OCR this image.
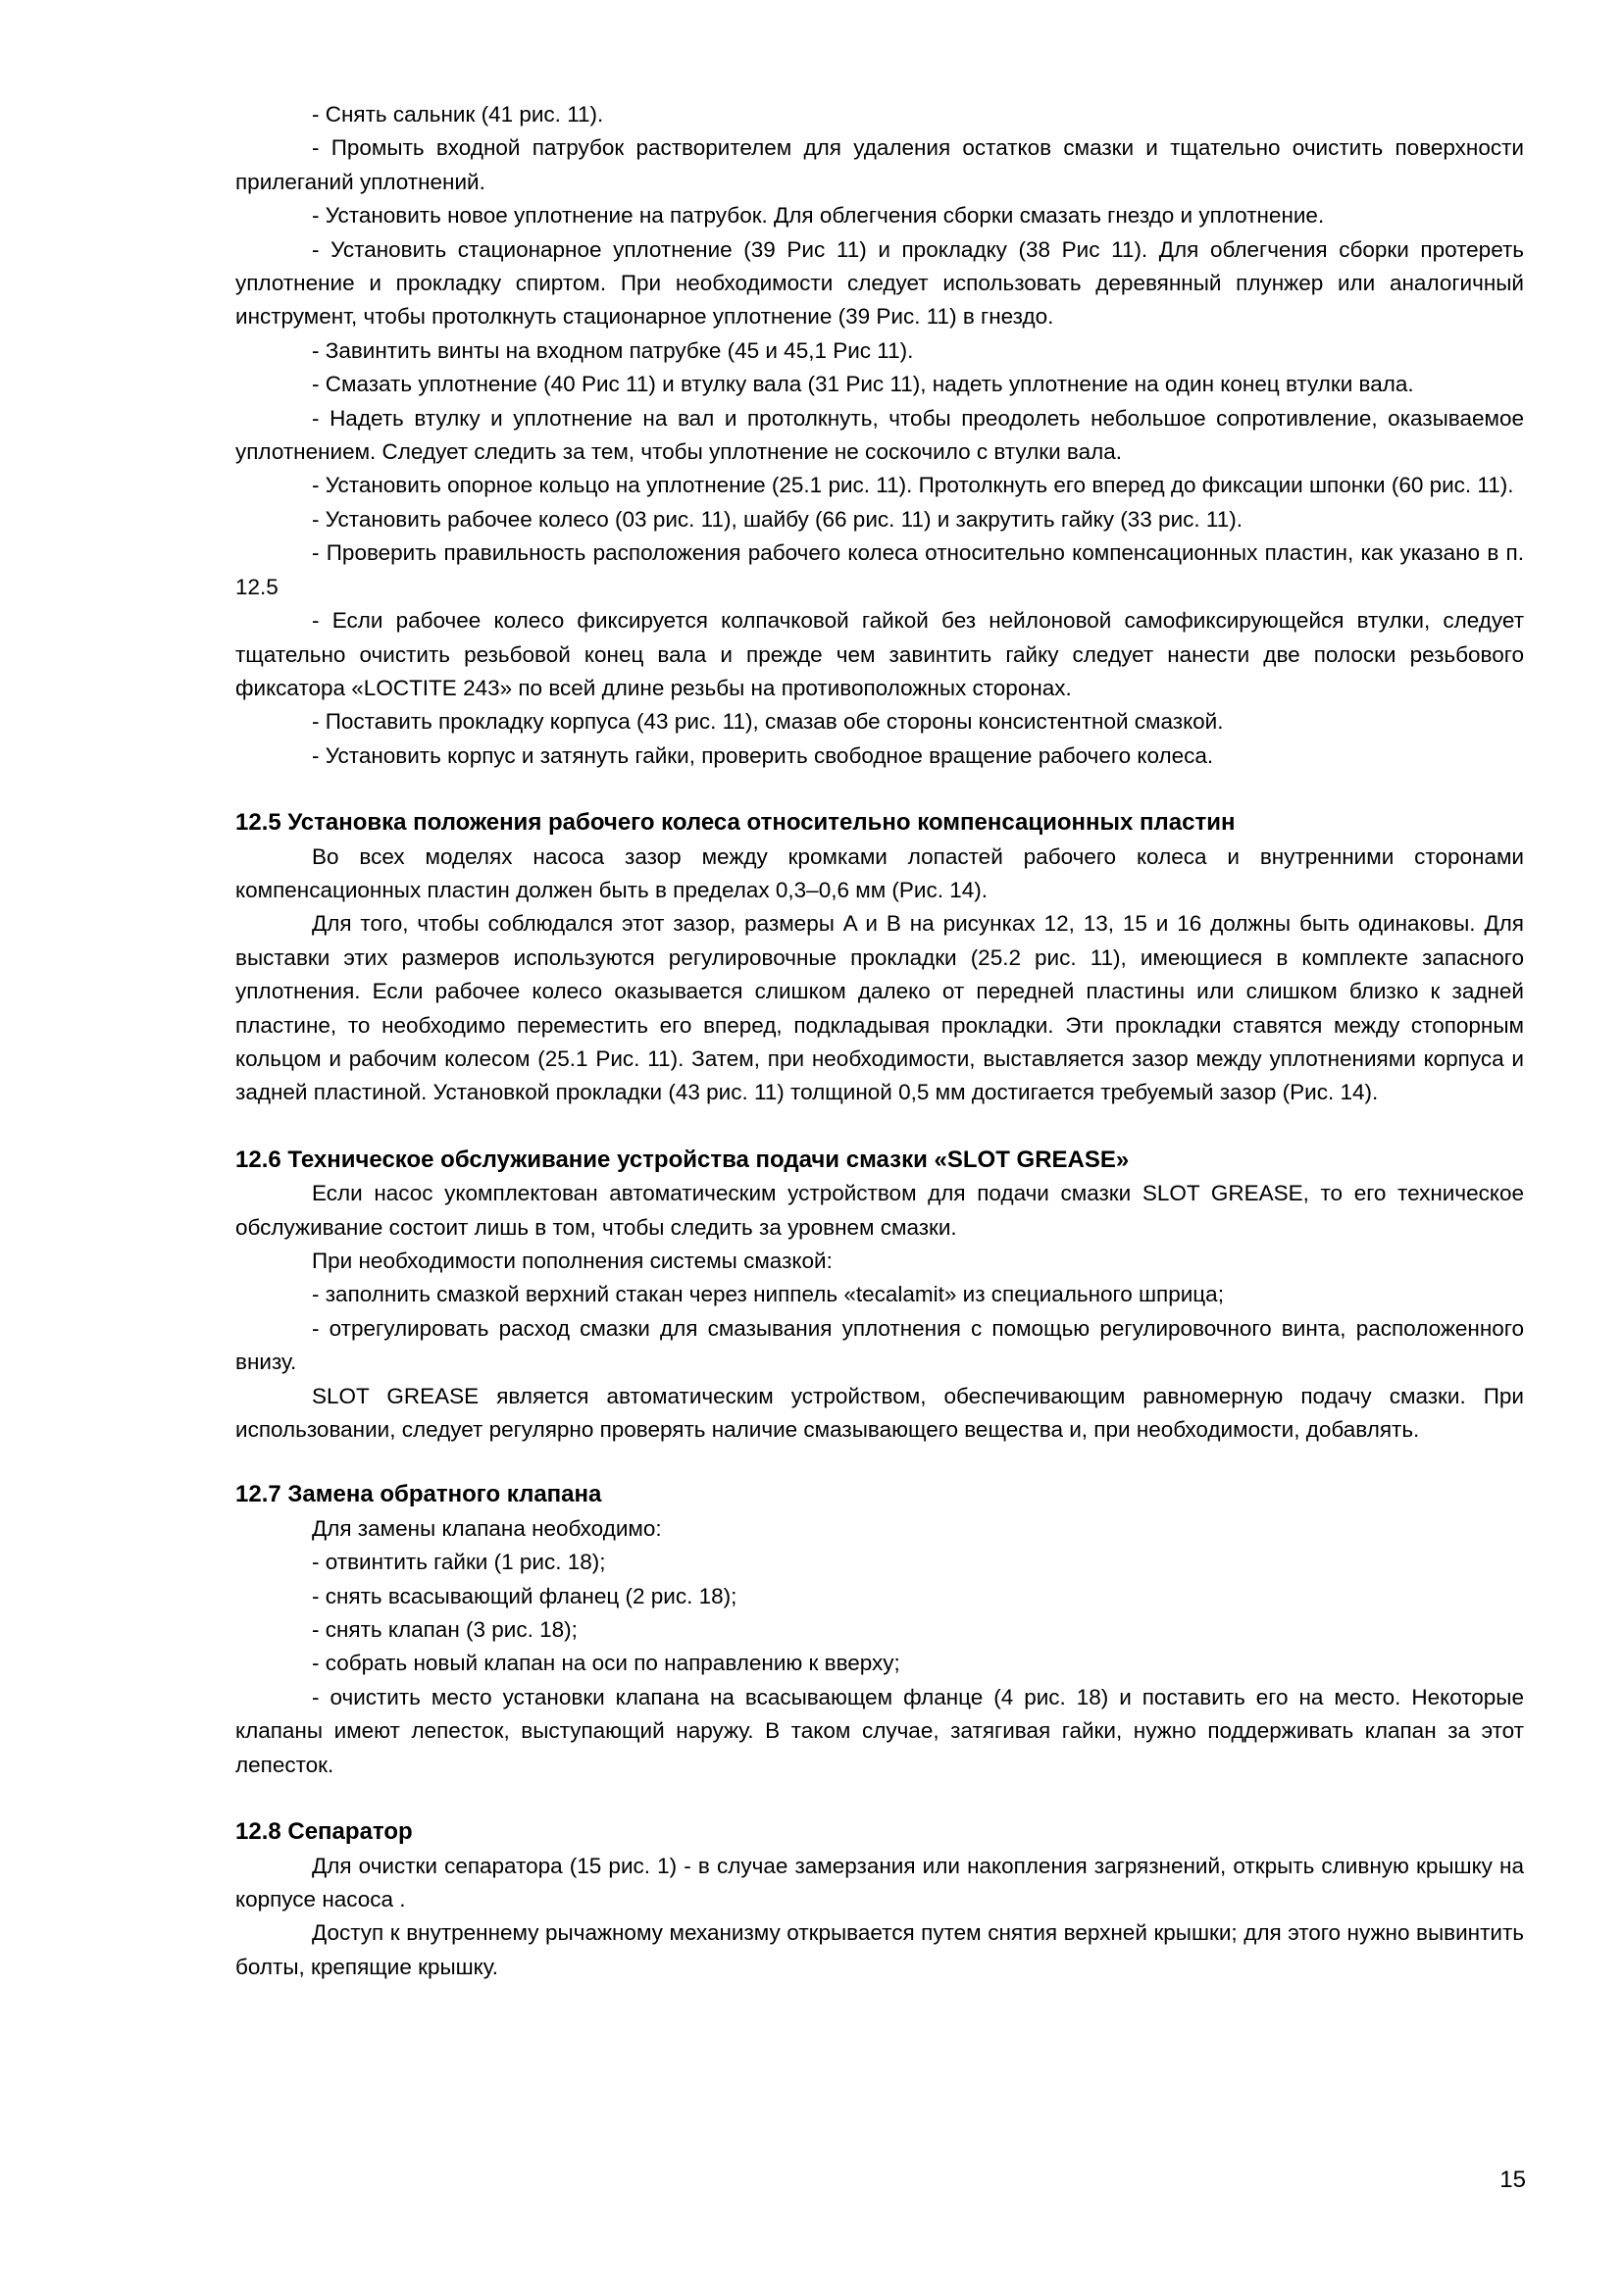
- Снять сальник (41 рис. 11).

- Промыть входной патрубок растворителем для удаления остатков смазки и тщательно очистить поверхности прилеганий уплотнений.

- Установить новое уплотнение на патрубок. Для облегчения сборки смазать гнездо и уплотнение.

- Установить стационарное уплотнение (39 Рис 11) и прокладку (38 Рис 11). Для облегчения сборки протереть уплотнение и прокладку спиртом. При необходимости следует использовать деревянный плунжер или аналогичный инструмент, чтобы протолкнуть стационарное уплотнение (39 Рис. 11) в гнездо.

- Завинтить винты на входном патрубке (45 и 45,1 Рис 11).

- Смазать уплотнение (40 Рис 11) и втулку вала (31 Рис 11), надеть уплотнение на один конец втулки вала.

- Надеть втулку и уплотнение на вал и протолкнуть, чтобы преодолеть небольшое сопротивление, оказываемое уплотнением. Следует следить за тем, чтобы уплотнение не соскочило с втулки вала.

- Установить опорное кольцо на уплотнение (25.1 рис. 11). Протолкнуть его вперед до фиксации шпонки (60 рис. 11).

- Установить рабочее колесо (03 рис. 11), шайбу (66 рис. 11) и закрутить гайку (33 рис. 11).

- Проверить правильность расположения рабочего колеса относительно компенсационных пластин, как указано в п. 12.5

- Если рабочее колесо фиксируется колпачковой гайкой без нейлоновой самофиксирующейся втулки, следует тщательно очистить резьбовой конец вала и прежде чем завинтить гайку следует нанести две полоски резьбового фиксатора «LOCTITE 243» по всей длине резьбы на противоположных сторонах.

- Поставить прокладку корпуса (43 рис. 11), смазав обе стороны консистентной смазкой.

- Установить корпус и затянуть гайки, проверить свободное вращение рабочего колеса.

12.5 Установка положения рабочего колеса относительно компенсационных пластин

Во всех моделях насоса зазор между кромками лопастей рабочего колеса и внутренними сторонами компенсационных пластин должен быть в пределах 0,3–0,6 мм (Рис. 14).

Для того, чтобы соблюдался этот зазор, размеры A и B на рисунках 12, 13, 15 и 16 должны быть одинаковы. Для выставки этих размеров используются регулировочные прокладки (25.2 рис. 11), имеющиеся в комплекте запасного уплотнения. Если рабочее колесо оказывается слишком далеко от передней пластины или слишком близко к задней пластине, то необходимо переместить его вперед, подкладывая прокладки. Эти прокладки ставятся между стопорным кольцом и рабочим колесом (25.1 Рис. 11). Затем, при необходимости, выставляется зазор между уплотнениями корпуса и задней пластиной. Установкой прокладки (43 рис. 11) толщиной 0,5 мм достигается требуемый зазор (Рис. 14).

12.6 Техническое обслуживание устройства подачи смазки «SLOT GREASE»

Если насос укомплектован автоматическим устройством для подачи смазки SLOT GREASE, то его техническое обслуживание состоит лишь в том, чтобы следить за уровнем смазки.

При необходимости пополнения системы смазкой:

- заполнить смазкой верхний стакан через ниппель «tecalamit» из специального шприца;

- отрегулировать расход смазки для смазывания уплотнения с помощью регулировочного винта, расположенного внизу.

SLOT GREASE является автоматическим устройством, обеспечивающим равномерную подачу смазки. При использовании, следует регулярно проверять наличие смазывающего вещества и, при необходимости, добавлять.

12.7 Замена обратного клапана

Для замены клапана необходимо:

- отвинтить гайки (1 рис. 18);

- снять всасывающий фланец (2 рис. 18);

- снять клапан (3 рис. 18);

- собрать новый клапан на оси по направлению к вверху;

- очистить место установки клапана на всасывающем фланце (4 рис. 18) и поставить его на место. Некоторые клапаны имеют лепесток, выступающий наружу. В таком случае, затягивая гайки, нужно поддерживать клапан за этот лепесток.

12.8 Сепаратор

Для очистки сепаратора (15 рис. 1) - в случае замерзания или накопления загрязнений, открыть сливную крышку на корпусе насоса .

Доступ к внутреннему рычажному механизму открывается путем снятия верхней крышки; для этого нужно вывинтить болты, крепящие крышку.

15
